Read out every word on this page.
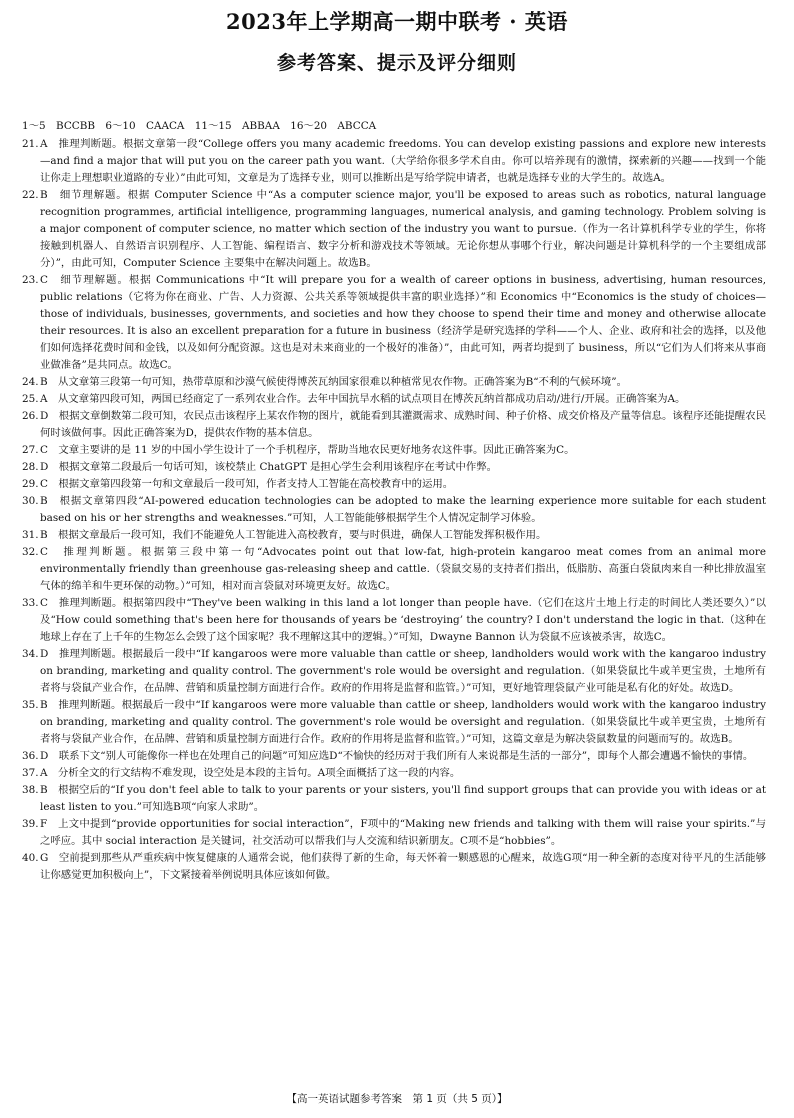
2023年上学期高一期中联考 · 英语
参考答案、提示及评分细则
1～5　BCCBB　6～10　CAACA　11～15　ABBAA　16～20　ABCCA
21. A　推理判断题。根据文章第一段“College offers you many academic freedoms. You can develop existing passions and explore new interests—and find a major that will put you on the career path you want.（大学给你很多学术自由。你可以培养现有的激情，探索新的兴趣——找到一个能让你走上理想职业道路的专业）”由此可知，文章是为了选择专业，则可以推断出是写给学院申请者，也就是选择专业的大学生的。故选A。
22. B　细节理解题。根据 Computer Science 中“As a computer science major, you'll be exposed to areas such as robotics, natural language recognition programmes, artificial intelligence, programming languages, numerical analysis, and gaming technology. Problem solving is a major component of computer science, no matter which section of the industry you want to pursue.（作为一名计算机科学专业的学生，你将接触到机器人、自然语言识别程序、人工智能、编程语言、数字分析和游戏技术等领域。无论你想从事哪个行业，解决问题是计算机科学的一个主要组成部分）”，由此可知，Computer Science 主要集中在解决问题上。故选B。
23. C　细节理解题。根据 Communications 中“It will prepare you for a wealth of career options in business, advertising, human resources, public relations（它将为你在商业、广告、人力资源、公共关系等领域提供丰富的职业选择）”和 Economics 中“Economics is the study of choices—those of individuals, businesses, governments, and societies and how they choose to spend their time and money and otherwise allocate their resources. It is also an excellent preparation for a future in business（经济学是研究选择的学科——个人、企业、政府和社会的选择，以及他们如何选择花费时间和金钱，以及如何分配资源。这也是对未来商业的一个极好的准备）”，由此可知，两者均提到了 business，所以“它们为人们将来从事商业做准备”是共同点。故选C。
24. B　从文章第三段第一句可知，热带草原和沙漠气候使得博茨瓦纳国家很难以种植常见农作物。正确答案为B“不利的气候环境”。
25. A　从文章第四段可知，两国已经商定了一系列农业合作。去年中国抗旱水稻的试点项目在博茨瓦纳首都成功启动/进行/开展。正确答案为A。
26. D　根据文章倒数第二段可知，农民点击该程序上某农作物的图片，就能看到其灌溉需求、成熟时间、种子价格、成交价格及产量等信息。该程序还能提醒农民何时该做何事。因此正确答案为D，提供农作物的基本信息。
27. C　文章主要讲的是 11 岁的中国小学生设计了一个手机程序，帮助当地农民更好地务农这件事。因此正确答案为C。
28. D　根据文章第二段最后一句话可知，该校禁止 ChatGPT 是担心学生会利用该程序在考试中作弊。
29. C　根据文章第四段第一句和文章最后一段可知，作者支持人工智能在高校教育中的运用。
30. B　根据文章第四段“AI-powered education technologies can be adopted to make the learning experience more suitable for each student based on his or her strengths and weaknesses.”可知，人工智能能够根据学生个人情况定制学习体验。
31. B　根据文章最后一段可知，我们不能避免人工智能进入高校教育，要与时俱进，确保人工智能发挥积极作用。
32. C　推理判断题。根据第三段中第一句“Advocates point out that low-fat, high-protein kangaroo meat comes from an animal more environmentally friendly than greenhouse gas-releasing sheep and cattle.（袋鼠交易的支持者们指出，低脂肪、高蛋白袋鼠肉来自一种比排放温室气体的绵羊和牛更环保的动物。）”可知，相对而言袋鼠对环境更友好。故选C。
33. C　推理判断题。根据第四段中“They've been walking in this land a lot longer than people have.（它们在这片土地上行走的时间比人类还要久）”以及“How could something that's been here for thousands of years be ‘destroying’ the country? I don't understand the logic in that.（这种在地球上存在了上千年的生物怎么会毁了这个国家呢？我不理解这其中的逻辑。）”可知，Dwayne Bannon 认为袋鼠不应该被杀害，故选C。
34. D　推理判断题。根据最后一段中“If kangaroos were more valuable than cattle or sheep, landholders would work with the kangaroo industry on branding, marketing and quality control. The government's role would be oversight and regulation.（如果袋鼠比牛或羊更宝贵，土地所有者将与袋鼠产业合作，在品牌、营销和质量控制方面进行合作。政府的作用将是监督和监管。）”可知，更好地管理袋鼠产业可能是私有化的好处。故选D。
35. B　推理判断题。根据最后一段中“If kangaroos were more valuable than cattle or sheep, landholders would work with the kangaroo industry on branding, marketing and quality control. The government's role would be oversight and regulation.（如果袋鼠比牛或羊更宝贵，土地所有者将与袋鼠产业合作，在品牌、营销和质量控制方面进行合作。政府的作用将是监督和监管。）”可知，这篇文章是为解决袋鼠数量的问题而写的。故选B。
36. D　联系下文“别人可能像你一样也在处理自己的问题”可知应选D“不愉快的经历对于我们所有人来说都是生活的一部分”，即每个人都会遭遇不愉快的事情。
37. A　分析全文的行文结构不难发现，设空处是本段的主旨句。A项全面概括了这一段的内容。
38. B　根据空后的“If you don't feel able to talk to your parents or your sisters, you'll find support groups that can provide you with ideas or at least listen to you.”可知选B项“向家人求助”。
39. F　上文中提到“provide opportunities for social interaction”，F项中的“Making new friends and talking with them will raise your spirits.”与之呼应。其中 social interaction 是关键词，社交活动可以帮我们与人交流和结识新朋友。C项不是“hobbies”。
40. G　空前提到那些从严重疾病中恢复健康的人通常会说，他们获得了新的生命，每天怀着一颗感恩的心醒来，故选G项“用一种全新的态度对待平凡的生活能够让你感觉更加积极向上”，下文紧接着举例说明具体应该如何做。
【高一英语试题参考答案　 第 1 页（共 5 页）】
